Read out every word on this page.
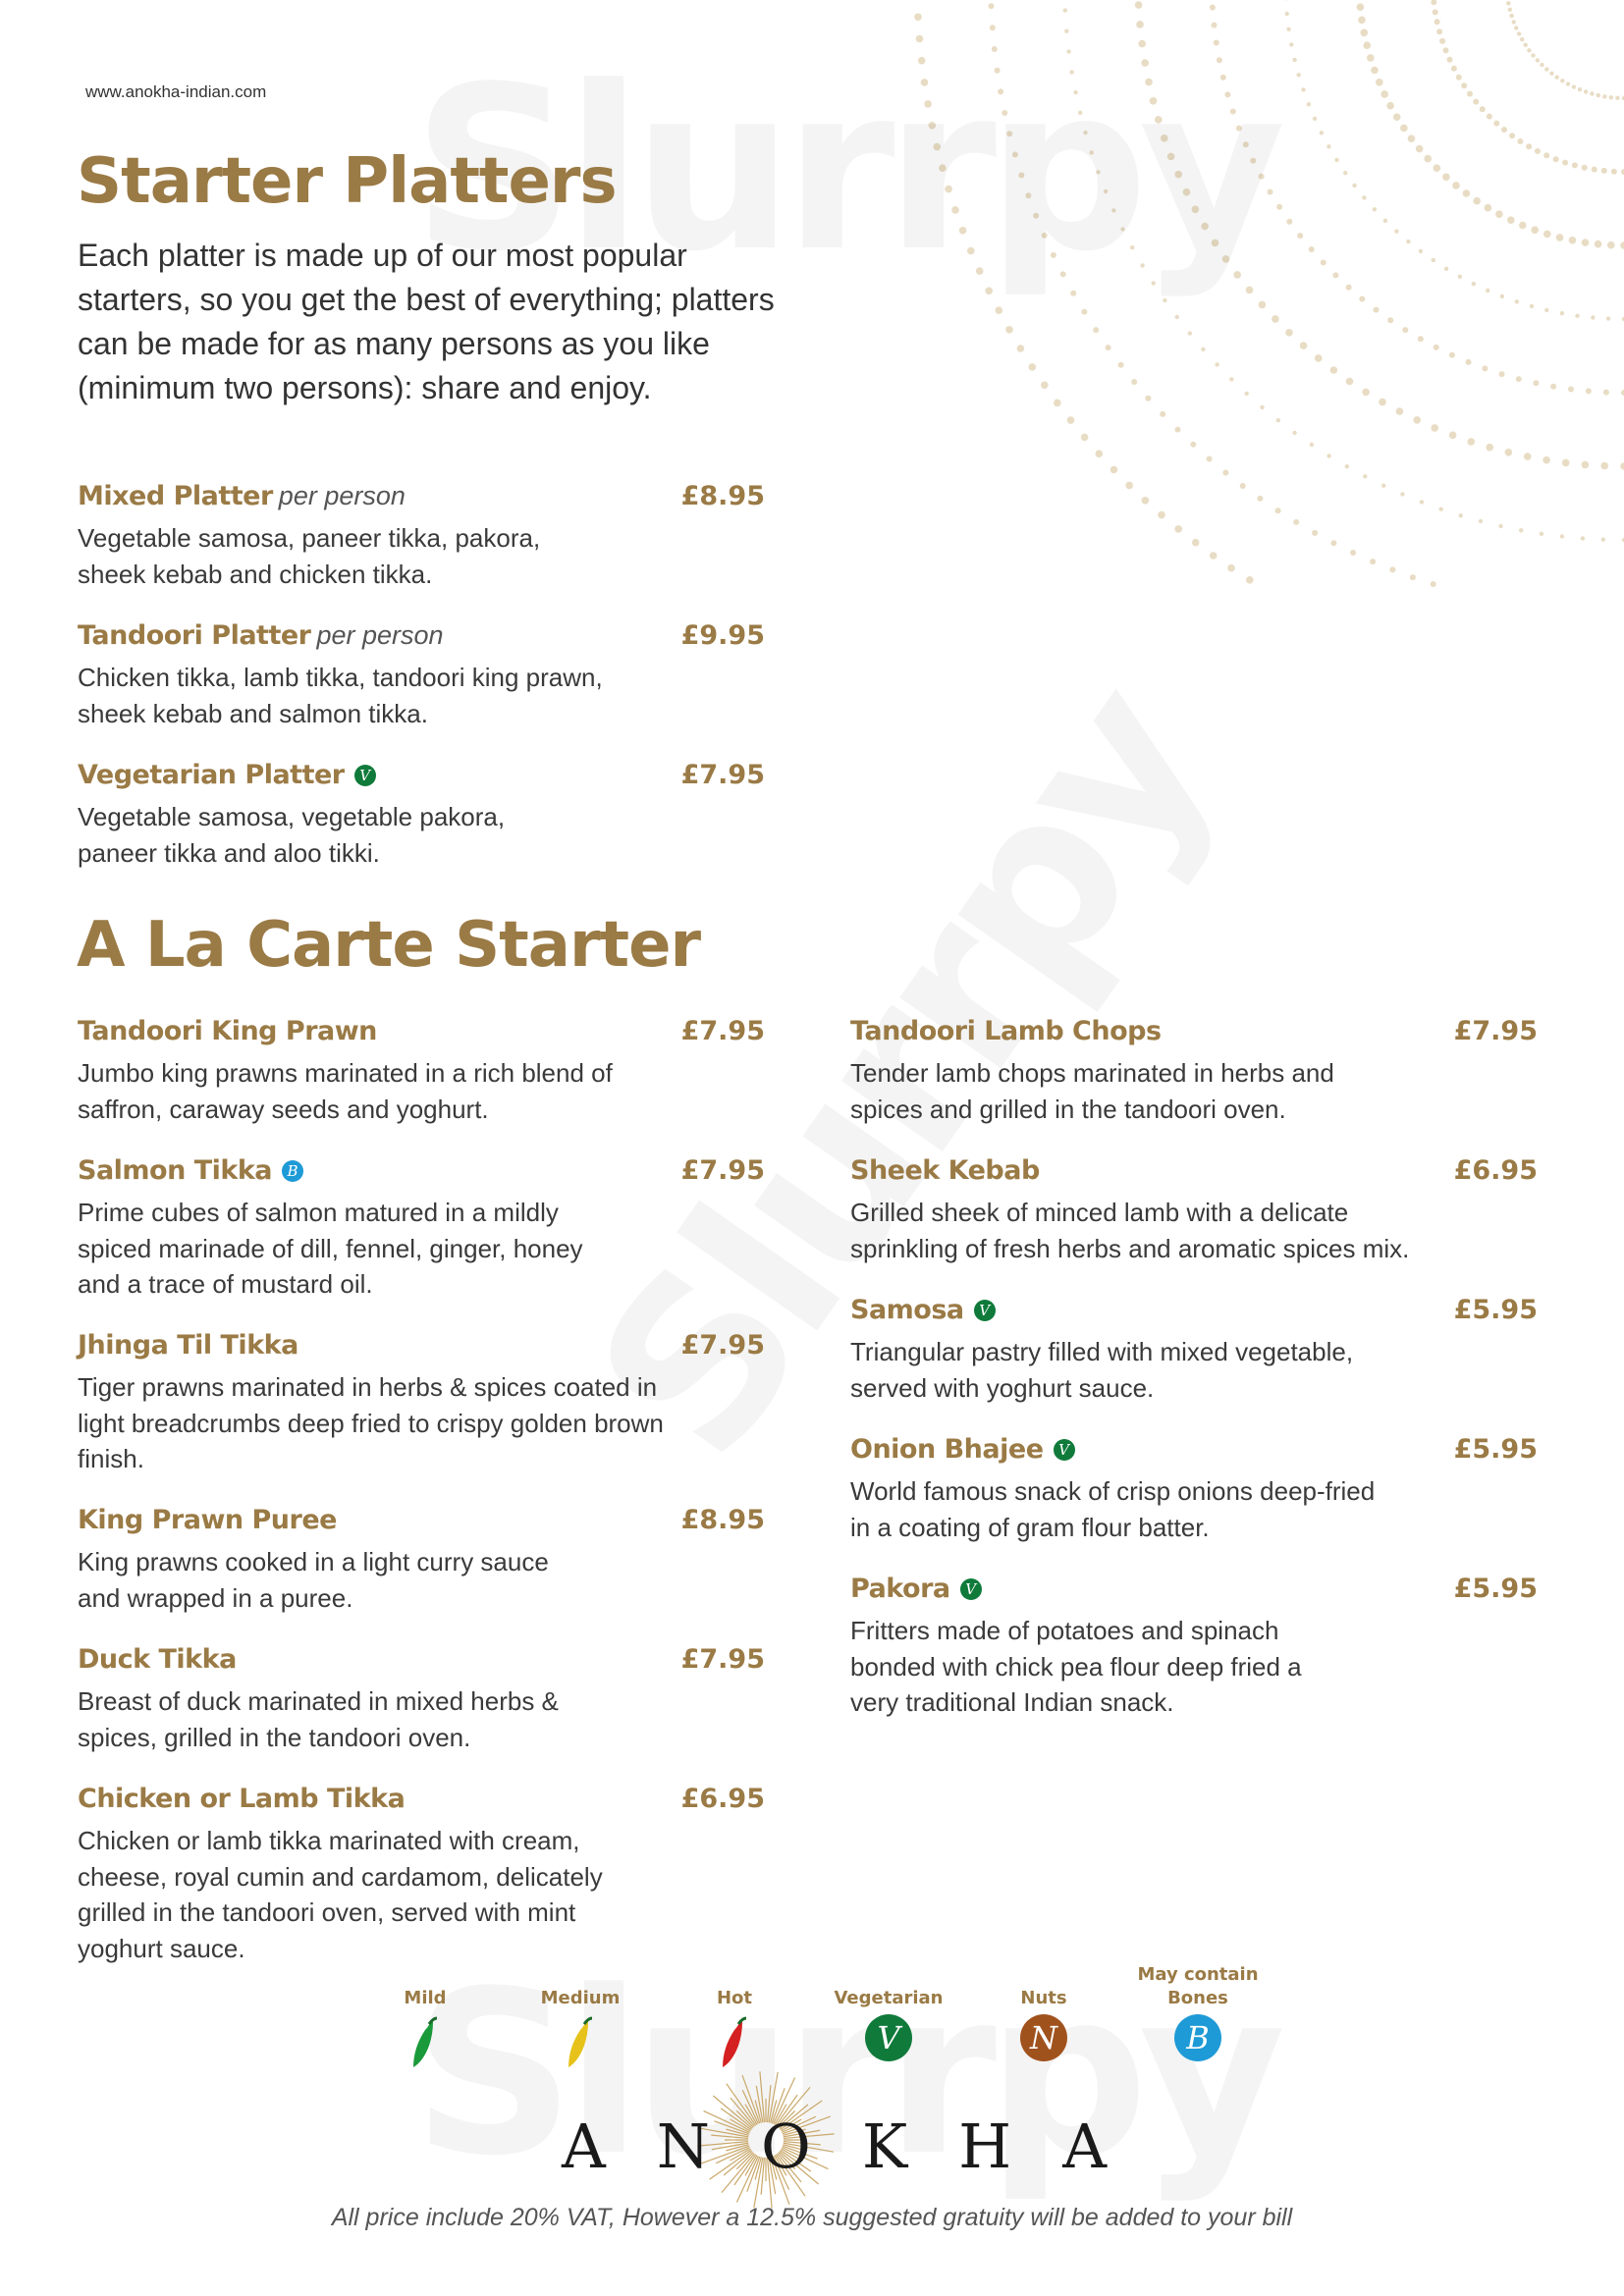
www.anokha-indian.com
Starter Platters

Each platter is made up of our most popular starters, so you get the best of everything; platters can be made for as many persons as you like (minimum two persons): share and enjoy.

Mixed Platter per person	£8.95

Vegetable samosa, paneer tikka, pakora, sheek kebab and chicken tikka.

Tandoori Platter per person	£9.95

Chicken tikka, lamb tikka, tandoori king prawn, sheek kebab and salmon tikka.

Vegetarian Platter V	£7.95

Vegetable samosa, vegetable pakora, paneer tikka and aloo tikki.

A La Carte Starter
Tandoori King Prawn	£7.95

Jumbo king prawns marinated in a rich blend of saffron, caraway seeds and yoghurt.

Salmon Tikka B	£7.95

Prime cubes of salmon matured in a mildly spiced marinade of dill, fennel, ginger, honey and a trace of mustard oil.

Jhinga Til Tikka	£7.95

Tiger prawns marinated in herbs & spices coated in light breadcrumbs deep fried to crispy golden brown finish.

King Prawn Puree	£8.95

King prawns cooked in a light curry sauce and wrapped in a puree.

Duck Tikka	£7.95

Breast of duck marinated in mixed herbs & spices, grilled in the tandoori oven.

Chicken or Lamb Tikka	£6.95

Chicken or lamb tikka marinated with cream, cheese, royal cumin and cardamom, delicately grilled in the tandoori oven, served with mint yoghurt sauce.

Tandoori Lamb Chops	£7.95

Tender lamb chops marinated in herbs and spices and grilled in the tandoori oven.

Sheek Kebab	£6.95

Grilled sheek of minced lamb with a delicate sprinkling of fresh herbs and aromatic spices mix.

Samosa V	£5.95

Triangular pastry filled with mixed vegetable, served with yoghurt sauce.

Onion Bhajee V	£5.95

World famous snack of crisp onions deep-fried in a coating of gram flour batter.

Pakora V	£5.95

Fritters made of potatoes and spinach bonded with chick pea flour deep fried a very traditional Indian snack.

Mild	Medium	Hot	Vegetarian
V
Nuts
N
May contain Bones
B
ANOKHA

All price include 20% VAT, However a 12.5% suggested gratuity will be added to your bill
